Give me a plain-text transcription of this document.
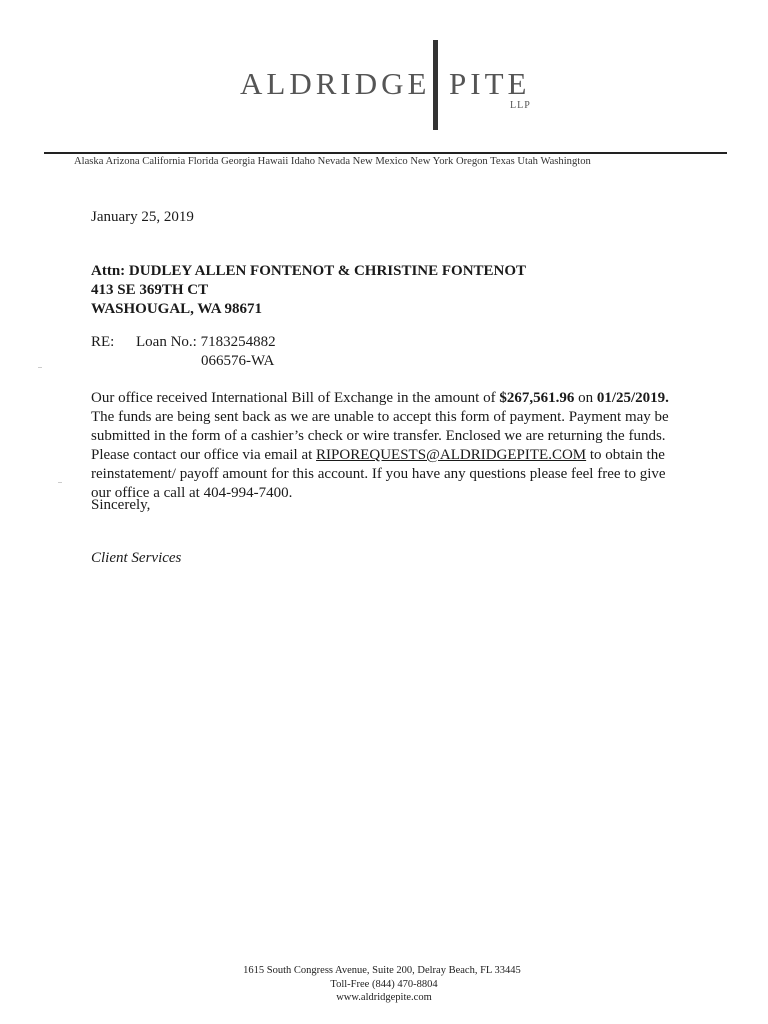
ALDRIDGE PITE
LLP
Alaska Arizona California Florida Georgia Hawaii Idaho Nevada New Mexico New York Oregon Texas Utah Washington
January 25, 2019
Attn: DUDLEY ALLEN FONTENOT & CHRISTINE FONTENOT
413 SE 369TH CT
WASHOUGAL, WA 98671
RE: Loan No.: 7183254882
066576-WA
Our office received International Bill of Exchange in the amount of $267,561.96 on 01/25/2019.
The funds are being sent back as we are unable to accept this form of payment. Payment may be
submitted in the form of a cashier’s check or wire transfer. Enclosed we are returning the funds.
Please contact our office via email at RIPOREQUESTS@ALDRIDGEPITE.COM to obtain the
reinstatement/ payoff amount for this account. If you have any questions please feel free to give
our office a call at 404-994-7400.
Sincerely,
Client Services
1615 South Congress Avenue, Suite 200, Delray Beach, FL 33445
Toll-Free (844) 470-8804
www.aldridgepite.com
